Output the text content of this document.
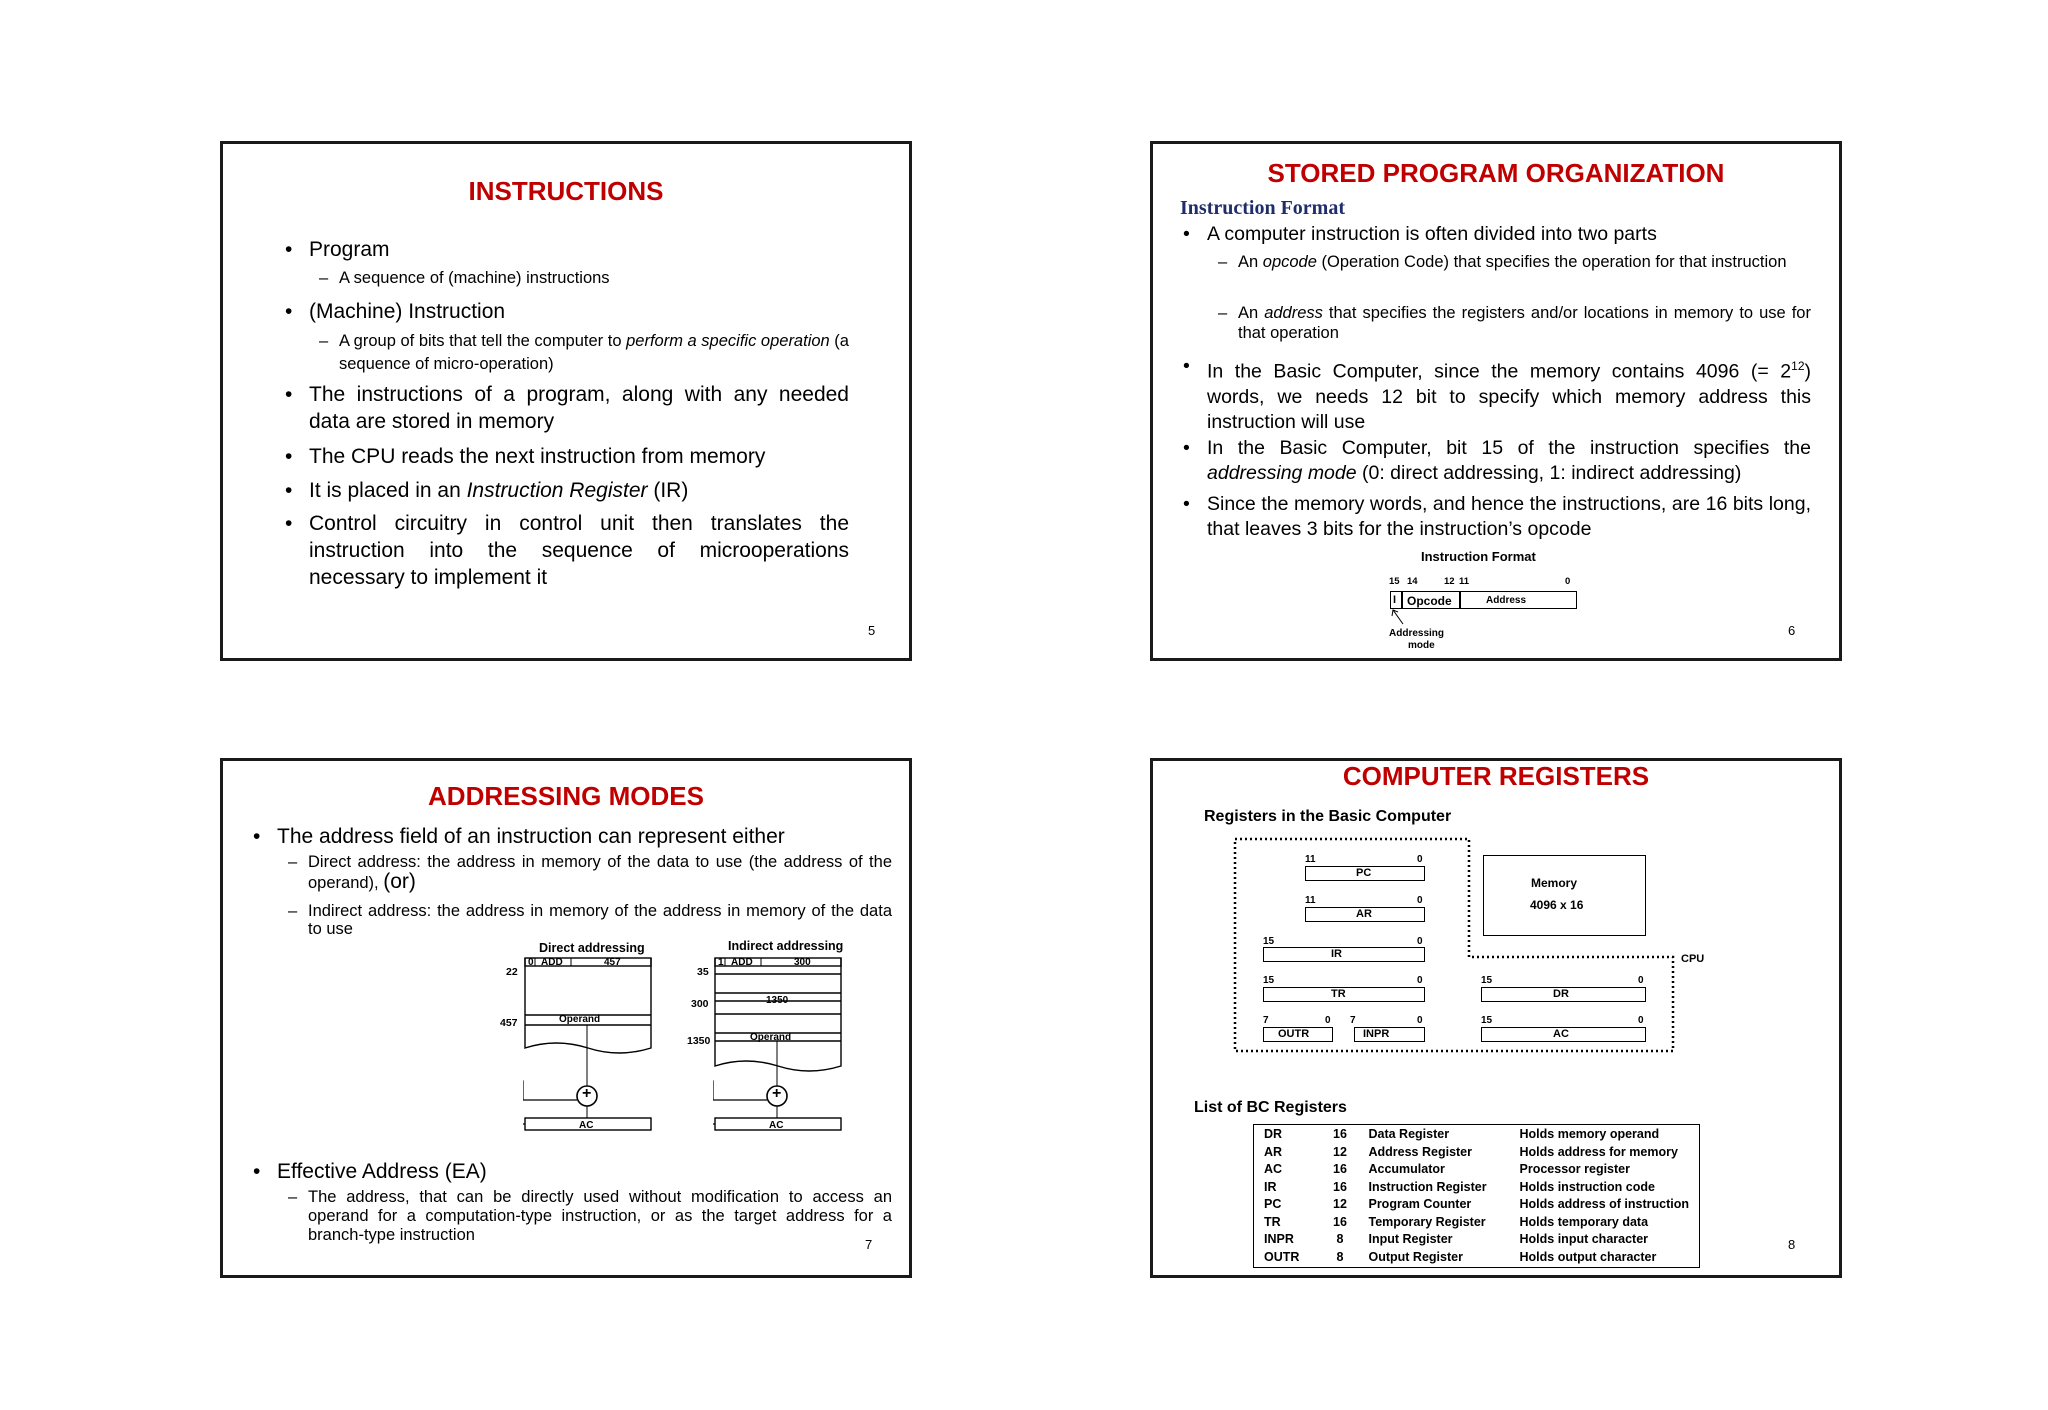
INSTRUCTIONS
• Program
– A sequence of (machine) instructions
• (Machine) Instruction
– A group of bits that tell the computer to perform a specific operation (a sequence of micro-operation)
• The instructions of a program, along with any needed data are stored in memory
• The CPU reads the next instruction from memory
• It is placed in an Instruction Register (IR)
• Control circuitry in control unit then translates the instruction into the sequence of microoperations necessary to implement it
5
STORED PROGRAM ORGANIZATION
Instruction Format
• A computer instruction is often divided into two parts
– An opcode (Operation Code) that specifies the operation for that instruction
– An address that specifies the registers and/or locations in memory to use for that operation
• In the Basic Computer, since the memory contains 4096 (= $2^{12}$) words, we needs 12 bit to specify which memory address this instruction will use
• In the Basic Computer, bit 15 of the instruction specifies the addressing mode (0: direct addressing, 1: indirect addressing)
• Since the memory words, and hence the instructions, are 16 bits long, that leaves 3 bits for the instruction’s opcode
Instruction Format
15 14	12 11	0
I Opcode	Address
Addressing
mode
6
ADDRESSING MODES
• The address field of an instruction can represent either
– Direct address: the address in memory of the data to use (the address of the operand), (or)
– Indirect address: the address in memory of the address in memory of the data to use
Direct addressing
22
457
0 ADD	457
Operand
+
AC
Indirect addressing
35
300
1350
1 ADD	300
1350
Operand
+
AC
• Effective Address (EA)
– The address, that can be directly used without modification to access an operand for a computation-type instruction, or as the target address for a branch-type instruction
7
COMPUTER REGISTERS
Registers in the Basic Computer
11	0
PC
11	0
AR
15	0
IR
15	0
TR
7	0
OUTR
7	0
INPR
Memory
4096 x 16
CPU
15	0
DR
15	0
AC
List of BC Registers
DR	16	Data Register	Holds memory operand
AR	12	Address Register	Holds address for memory
AC	16	Accumulator	Processor register
IR	16	Instruction Register	Holds instruction code
PC	12	Program Counter	Holds address of instruction
TR	16	Temporary Register	Holds temporary data
INPR	8	Input Register	Holds input character
OUTR	8	Output Register	Holds output character
8
